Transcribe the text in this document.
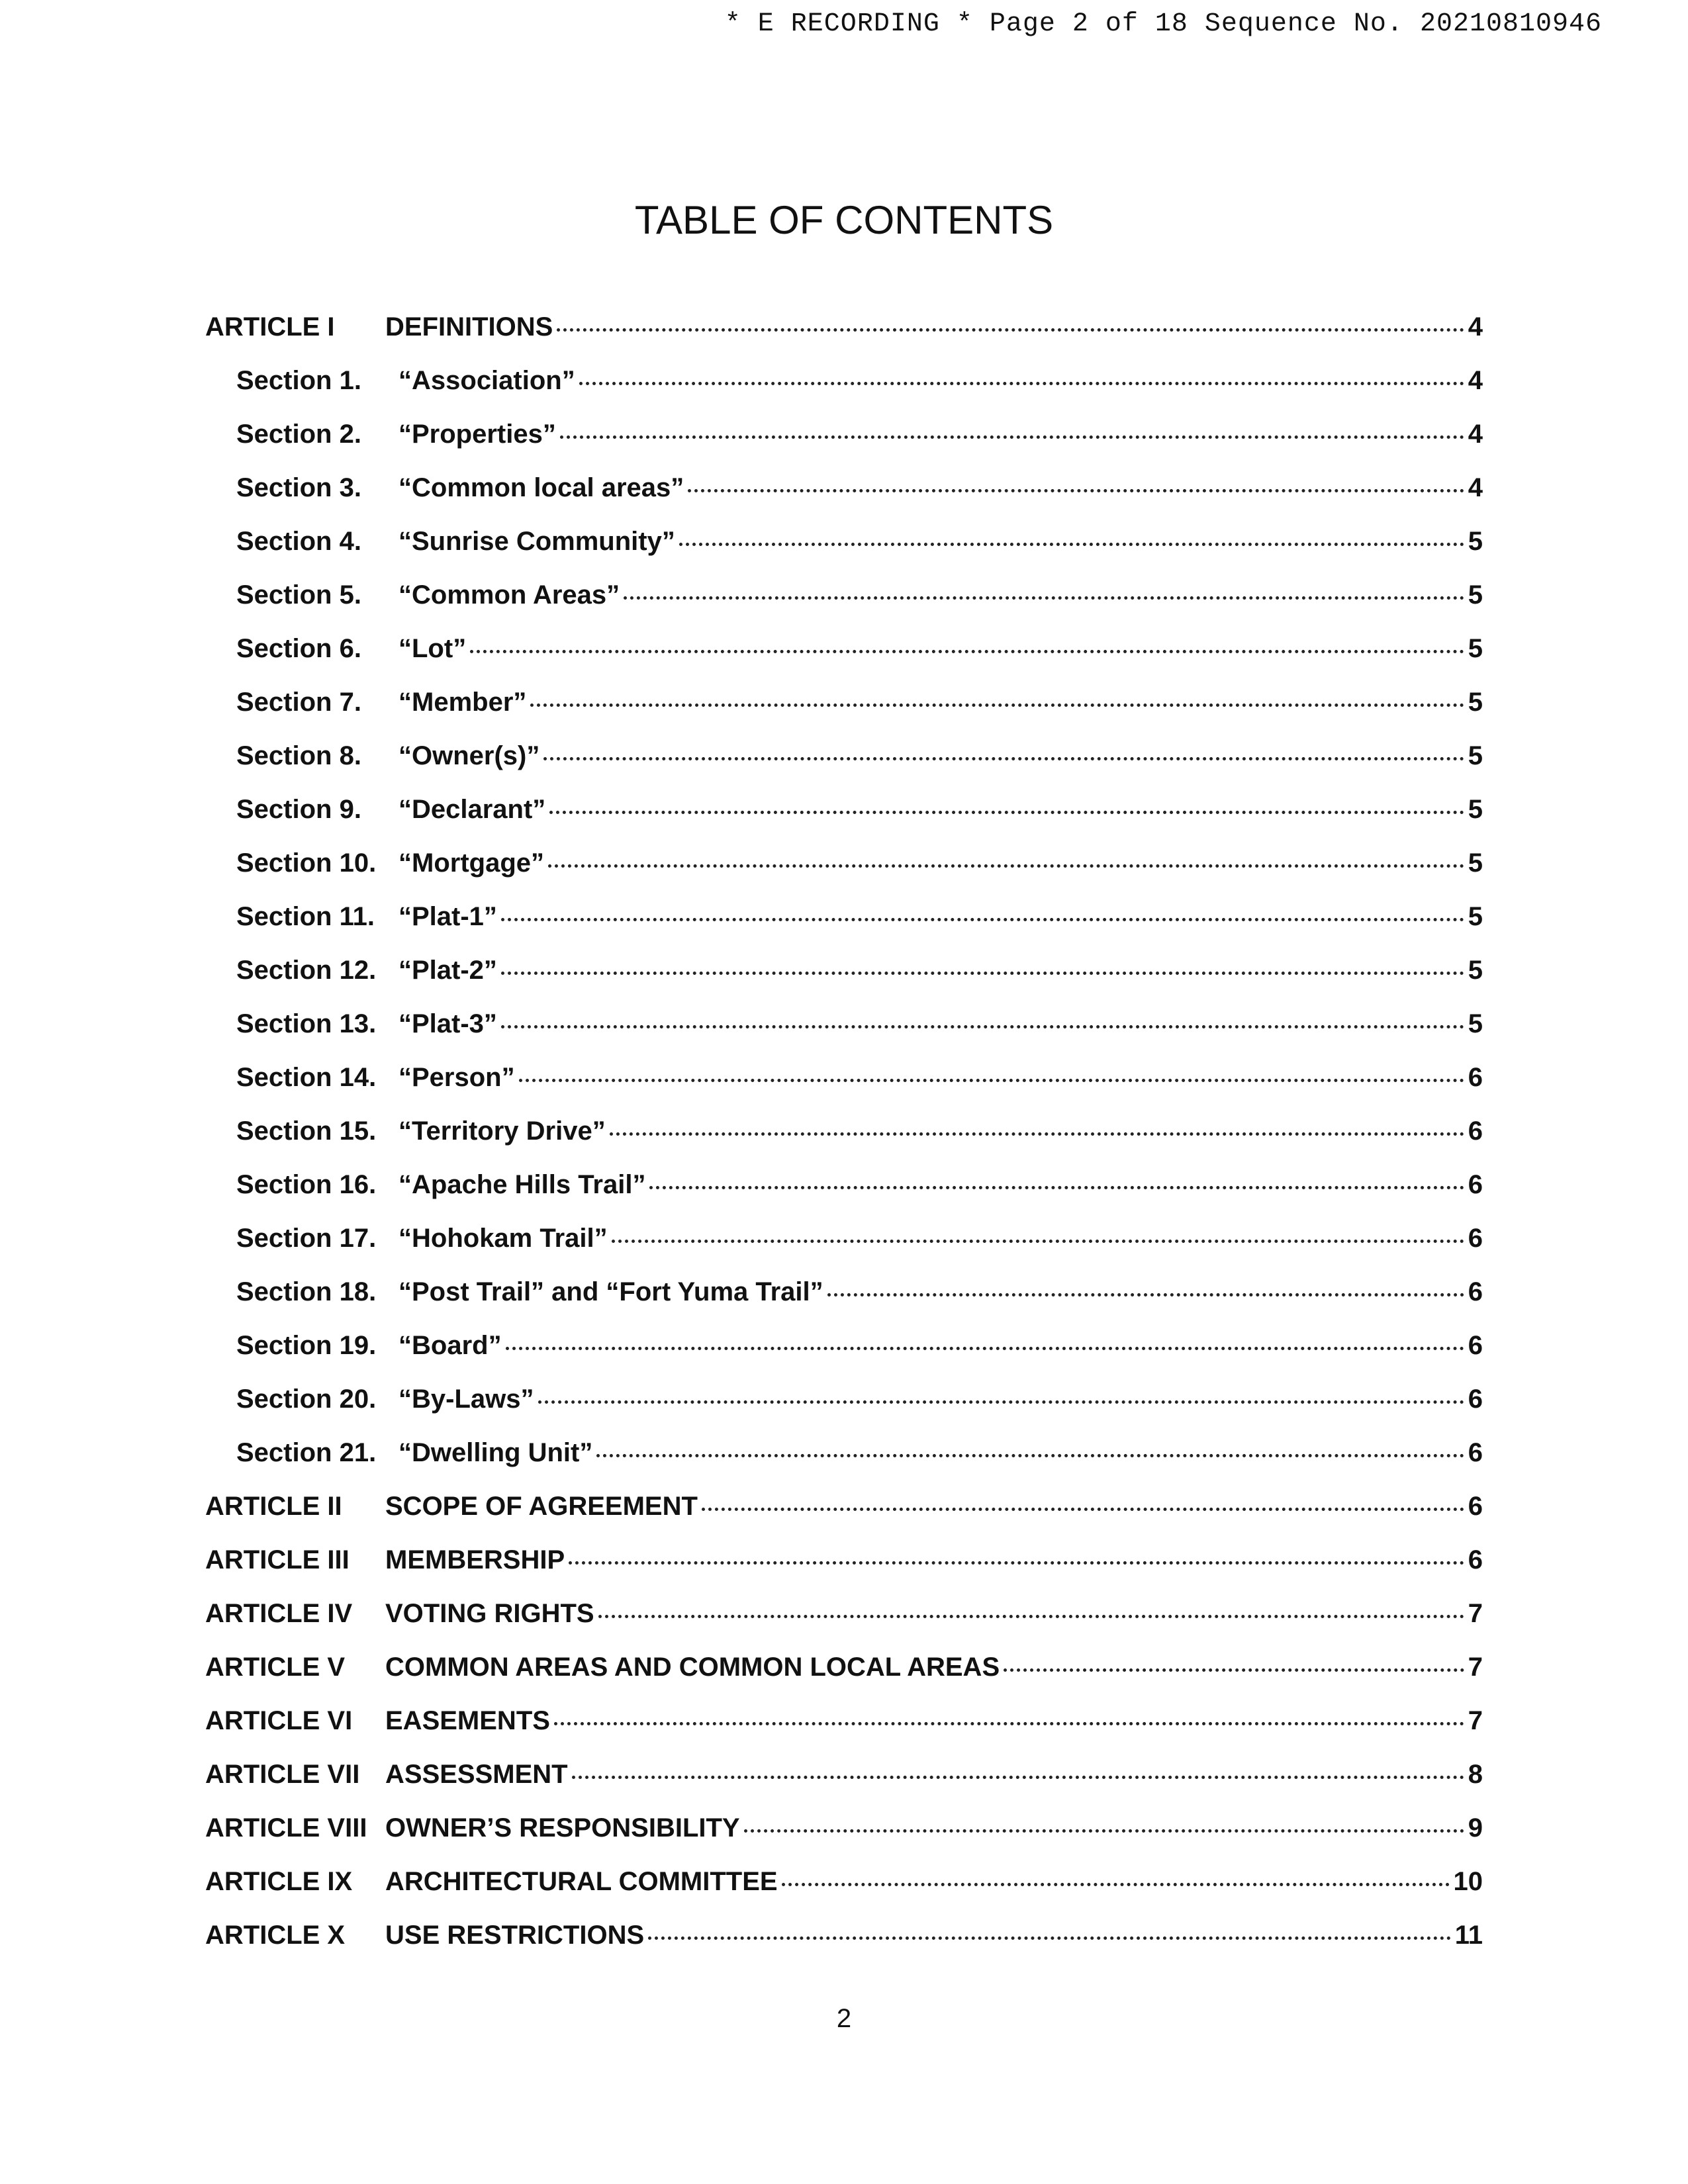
* E RECORDING * Page 2 of 18 Sequence No. 20210810946
TABLE OF CONTENTS
ARTICLE I	DEFINITIONS	4
Section 1.	“Association”	4
Section 2.	“Properties”	4
Section 3.	“Common local areas”	4
Section 4.	“Sunrise Community”	5
Section 5.	“Common Areas”	5
Section 6.	“Lot”	5
Section 7.	“Member”	5
Section 8.	“Owner(s)”	5
Section 9.	“Declarant”	5
Section 10. “Mortgage”	5
Section 11. “Plat-1”	5
Section 12. “Plat-2”	5
Section 13. “Plat-3”	5
Section 14. “Person”	6
Section 15. “Territory Drive”	6
Section 16. “Apache Hills Trail”	6
Section 17. “Hohokam Trail”	6
Section 18. “Post Trail” and “Fort Yuma Trail”	6
Section 19. “Board”	6
Section 20. “By-Laws”	6
Section 21. “Dwelling Unit”	6
ARTICLE II	SCOPE OF AGREEMENT	6
ARTICLE III	MEMBERSHIP	6
ARTICLE IV	VOTING RIGHTS	7
ARTICLE V	COMMON AREAS AND COMMON LOCAL AREAS	7
ARTICLE VI	EASEMENTS	7
ARTICLE VII ASSESSMENT	8
ARTICLE VIII OWNER’S RESPONSIBILITY	9
ARTICLE IX	ARCHITECTURAL COMMITTEE	10
ARTICLE X	USE RESTRICTIONS	11
2
